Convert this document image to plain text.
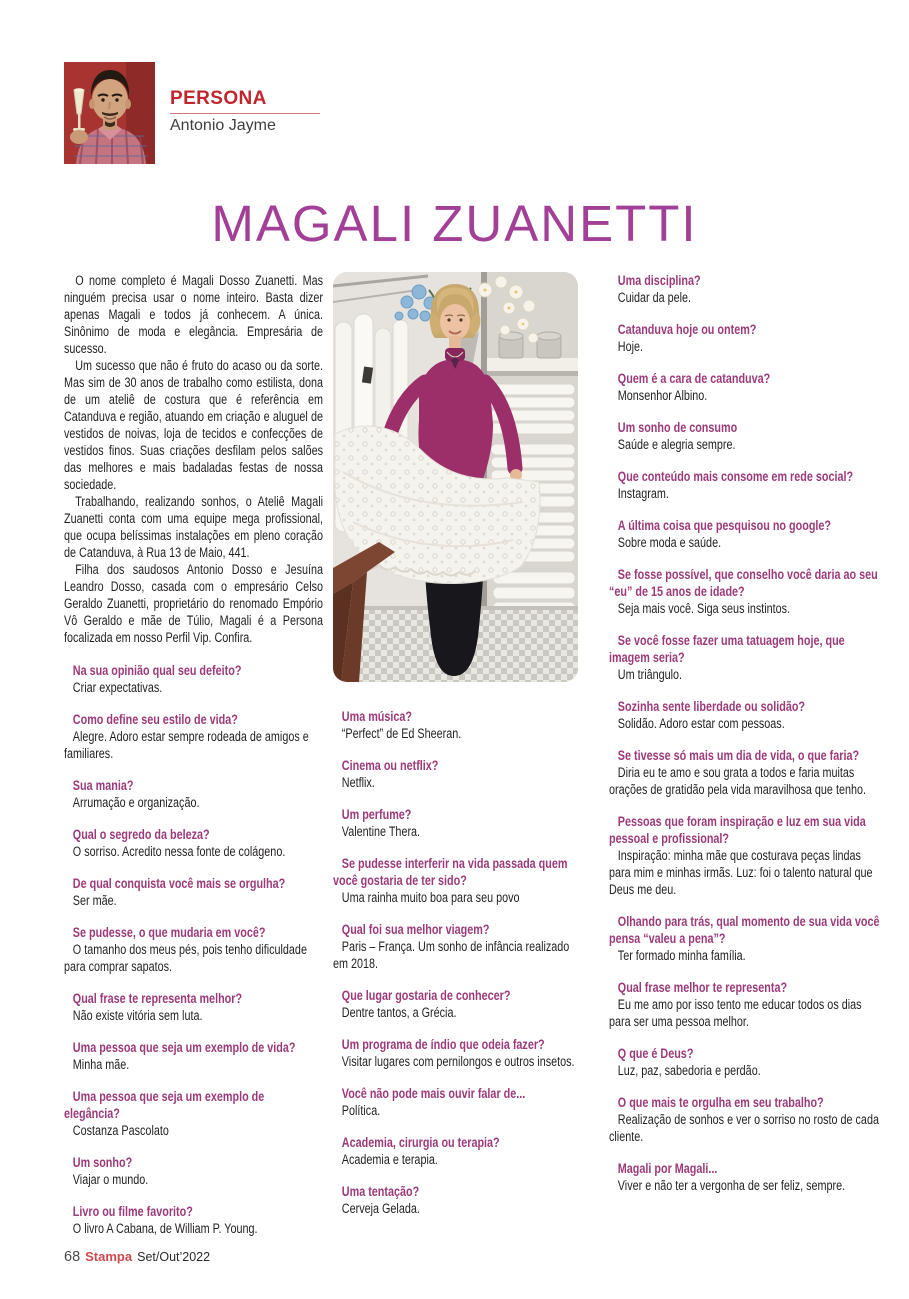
PERSONA

Antonio Jayme

MAGALI ZUANETTI

O nome completo é Magali Dosso Zuanetti. Mas ninguém precisa usar o nome inteiro. Basta dizer apenas Magali e todos já conhecem. A única. Sinônimo de moda e elegância. Empresária de sucesso.

Um sucesso que não é fruto do acaso ou da sorte. Mas sim de 30 anos de trabalho como estilista, dona de um ateliê de costura que é referência em Catanduva e região, atuando em criação e aluguel de vestidos de noivas, loja de tecidos e confecções de vestidos finos. Suas criações desfilam pelos salões das melhores e mais badaladas festas de nossa sociedade.

Trabalhando, realizando sonhos, o Ateliê Magali Zuanetti conta com uma equipe mega profissional, que ocupa belíssimas instalações em pleno coração de Catanduva, à Rua 13 de Maio, 441.

Filha dos saudosos Antonio Dosso e Jesuína Leandro Dosso, casada com o empresário Celso Geraldo Zuanetti, proprietário do renomado Empório Vô Geraldo e mãe de Túlio, Magali é a Persona focalizada em nosso Perfil Vip. Confira.

Na sua opinião qual seu defeito?

Criar expectativas.

Como define seu estilo de vida?

Alegre. Adoro estar sempre rodeada de amigos e familiares.

Sua mania?

Arrumação e organização.

Qual o segredo da beleza?

O sorriso. Acredito nessa fonte de colágeno.

De qual conquista você mais se orgulha?

Ser mãe.

Se pudesse, o que mudaria em você?

O tamanho dos meus pés, pois tenho dificuldade para comprar sapatos.

Qual frase te representa melhor?

Não existe vitória sem luta.

Uma pessoa que seja um exemplo de vida?

Minha mãe.

Uma pessoa que seja um exemplo de elegância?

Costanza Pascolato

Um sonho?

Viajar o mundo.

Livro ou filme favorito?

O livro A Cabana, de William P. Young.

Uma música?

“Perfect” de Ed Sheeran.

Cinema ou netflix?

Netflix.

Um perfume?

Valentine Thera.

Se pudesse interferir na vida passada quem você gostaria de ter sido?

Uma rainha muito boa para seu povo

Qual foi sua melhor viagem?

Paris – França. Um sonho de infância realizado em 2018.

Que lugar gostaria de conhecer?

Dentre tantos, a Grécia.

Um programa de índio que odeia fazer?

Visitar lugares com pernilongos e outros insetos.

Você não pode mais ouvir falar de...

Política.

Academia, cirurgia ou terapia?

Academia e terapia.

Uma tentação?

Cerveja Gelada.

Uma disciplina?

Cuidar da pele.

Catanduva hoje ou ontem?

Hoje.

Quem é a cara de catanduva?

Monsenhor Albino.

Um sonho de consumo

Saúde e alegria sempre.

Que conteúdo mais consome em rede social?

Instagram.

A última coisa que pesquisou no google?

Sobre moda e saúde.

Se fosse possível, que conselho você daria ao seu “eu” de 15 anos de idade?

Seja mais você. Siga seus instintos.

Se você fosse fazer uma tatuagem hoje, que imagem seria?

Um triângulo.

Sozinha sente liberdade ou solidão?

Solidão. Adoro estar com pessoas.

Se tivesse só mais um dia de vida, o que faria?

Diria eu te amo e sou grata a todos e faria muitas orações de gratidão pela vida maravilhosa que tenho.

Pessoas que foram inspiração e luz em sua vida pessoal e profissional?

Inspiração: minha mãe que costurava peças lindas para mim e minhas irmãs. Luz: foi o talento natural que Deus me deu.

Olhando para trás, qual momento de sua vida você pensa “valeu a pena”?

Ter formado minha família.

Qual frase melhor te representa?

Eu me amo por isso tento me educar todos os dias para ser uma pessoa melhor.

Q que é Deus?

Luz, paz, sabedoria e perdão.

O que mais te orgulha em seu trabalho?

Realização de sonhos e ver o sorriso no rosto de cada cliente.

Magali por Magali...

Viver e não ter a vergonha de ser feliz, sempre.

68 Stampa Set/Out’2022
